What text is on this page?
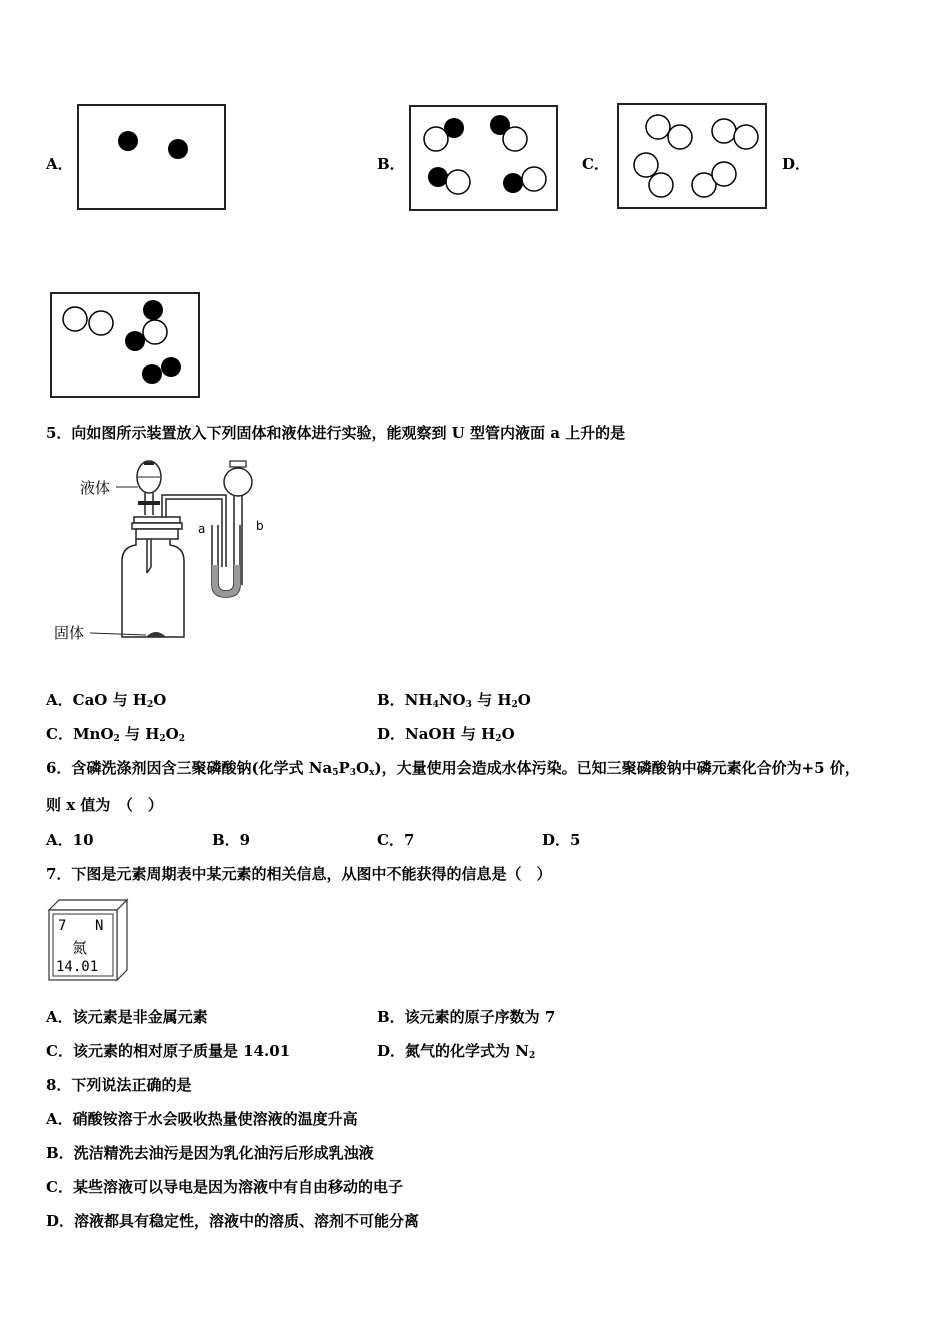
A．	B．	C．	D．
5．向如图所示装置放入下列固体和液体进行实验，能观察到 U 型管内液面 a 上升的是
液体
固体
a	b
A．CaO 与 $H_2O$	B．$NH_4NO_3$ 与 $H_2O$
C．MnO$_2$ 与 $H_2O_2$	D．NaOH 与 $H_2O$
6．含磷洗涤剂因含三聚磷酸钠(化学式 $Na_5P_3O_x$)，大量使用会造成水体污染。已知三聚磷酸钠中磷元素化合价为+5 价，
则 x 值为　（　）
A．10	B．9	C．7	D．5
7．下图是元素周期表中某元素的相关信息，从图中不能获得的信息是（　）
7 N
氮
14.01
A．该元素是非金属元素	B．该元素的原子序数为 7
C．该元素的相对原子质量是 14.01	D．氮气的化学式为 $N_2$
8．下列说法正确的是
A．硝酸铵溶于水会吸收热量使溶液的温度升高
B．洗洁精洗去油污是因为乳化油污后形成乳浊液
C．某些溶液可以导电是因为溶液中有自由移动的电子
D．溶液都具有稳定性，溶液中的溶质、溶剂不可能分离
